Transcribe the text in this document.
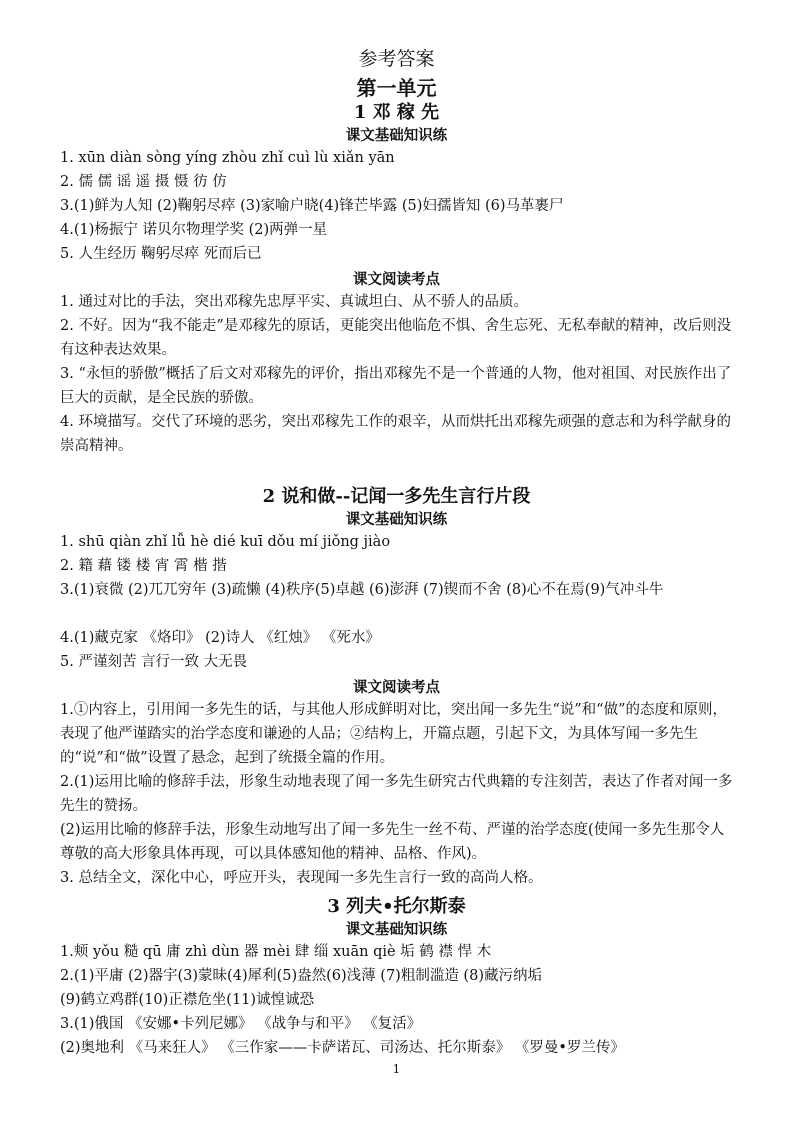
参考答案
第一单元
1 邓 稼 先
课文基础知识练
1. xūn diàn sòng yíng zhòu zhǐ cuì lù xiǎn yān
2. 儒 儒 谣 遥 摄 慑 彷 仿
3.(1)鲜为人知 (2)鞠躬尽瘁 (3)家喻户晓(4)锋芒毕露 (5)妇孺皆知 (6)马革裹尸
4.(1)杨振宁 诺贝尔物理学奖 (2)两弹一星
5. 人生经历 鞠躬尽瘁 死而后已
课文阅读考点
1. 通过对比的手法，突出邓稼先忠厚平实、真诚坦白、从不骄人的品质。
2. 不好。因为“我不能走”是邓稼先的原话，更能突出他临危不惧、舍生忘死、无私奉献的精神，改后则没有这种表达效果。
3. “永恒的骄傲”概括了后文对邓稼先的评价，指出邓稼先不是一个普通的人物，他对祖国、对民族作出了巨大的贡献，是全民族的骄傲。
4. 环境描写。交代了环境的恶劣，突出邓稼先工作的艰辛，从而烘托出邓稼先顽强的意志和为科学献身的崇高精神。
2 说和做--记闻一多先生言行片段
课文基础知识练
1. shū qiàn zhǐ lǚ hè dié kuī dǒu mí jiǒng jiào
2. 籍 藉 镂 楼 宵 霄 楷 揩
3.(1)衰微 (2)兀兀穷年 (3)疏懒 (4)秩序(5)卓越 (6)澎湃 (7)锲而不舍 (8)心不在焉(9)气冲斗牛
4.(1)藏克家 《烙印》 (2)诗人 《红烛》 《死水》
5. 严谨刻苦 言行一致 大无畏
课文阅读考点
1.①内容上，引用闻一多先生的话，与其他人形成鲜明对比，突出闻一多先生“说”和“做”的态度和原则，表现了他严谨踏实的治学态度和谦逊的人品；②结构上，开篇点题，引起下文，为具体写闻一多先生的“说”和“做”设置了悬念，起到了统摄全篇的作用。
2.(1)运用比喻的修辞手法，形象生动地表现了闻一多先生研究古代典籍的专注刻苦，表达了作者对闻一多先生的赞扬。
(2)运用比喻的修辞手法，形象生动地写出了闻一多先生一丝不苟、严谨的治学态度(使闻一多先生那令人尊敬的高大形象具体再现，可以具体感知他的精神、品格、作风)。
3. 总结全文，深化中心，呼应开头，表现闻一多先生言行一致的高尚人格。
3 列夫•托尔斯泰
课文基础知识练
1.颊 yǒu 糙 qū 庸 zhì dùn 器 mèi 肆 缁 xuān qiè 垢 鹤 襟 悍 木
2.(1)平庸 (2)器宇(3)蒙昧(4)犀利(5)盎然(6)浅薄 (7)粗制滥造 (8)藏污纳垢
(9)鹤立鸡群(10)正襟危坐(11)诚惶诚恐
3.(1)俄国 《安娜•卡列尼娜》 《战争与和平》 《复活》
(2)奥地利 《马来狂人》 《三作家——卡萨诺瓦、司汤达、托尔斯泰》 《罗曼•罗兰传》
1
